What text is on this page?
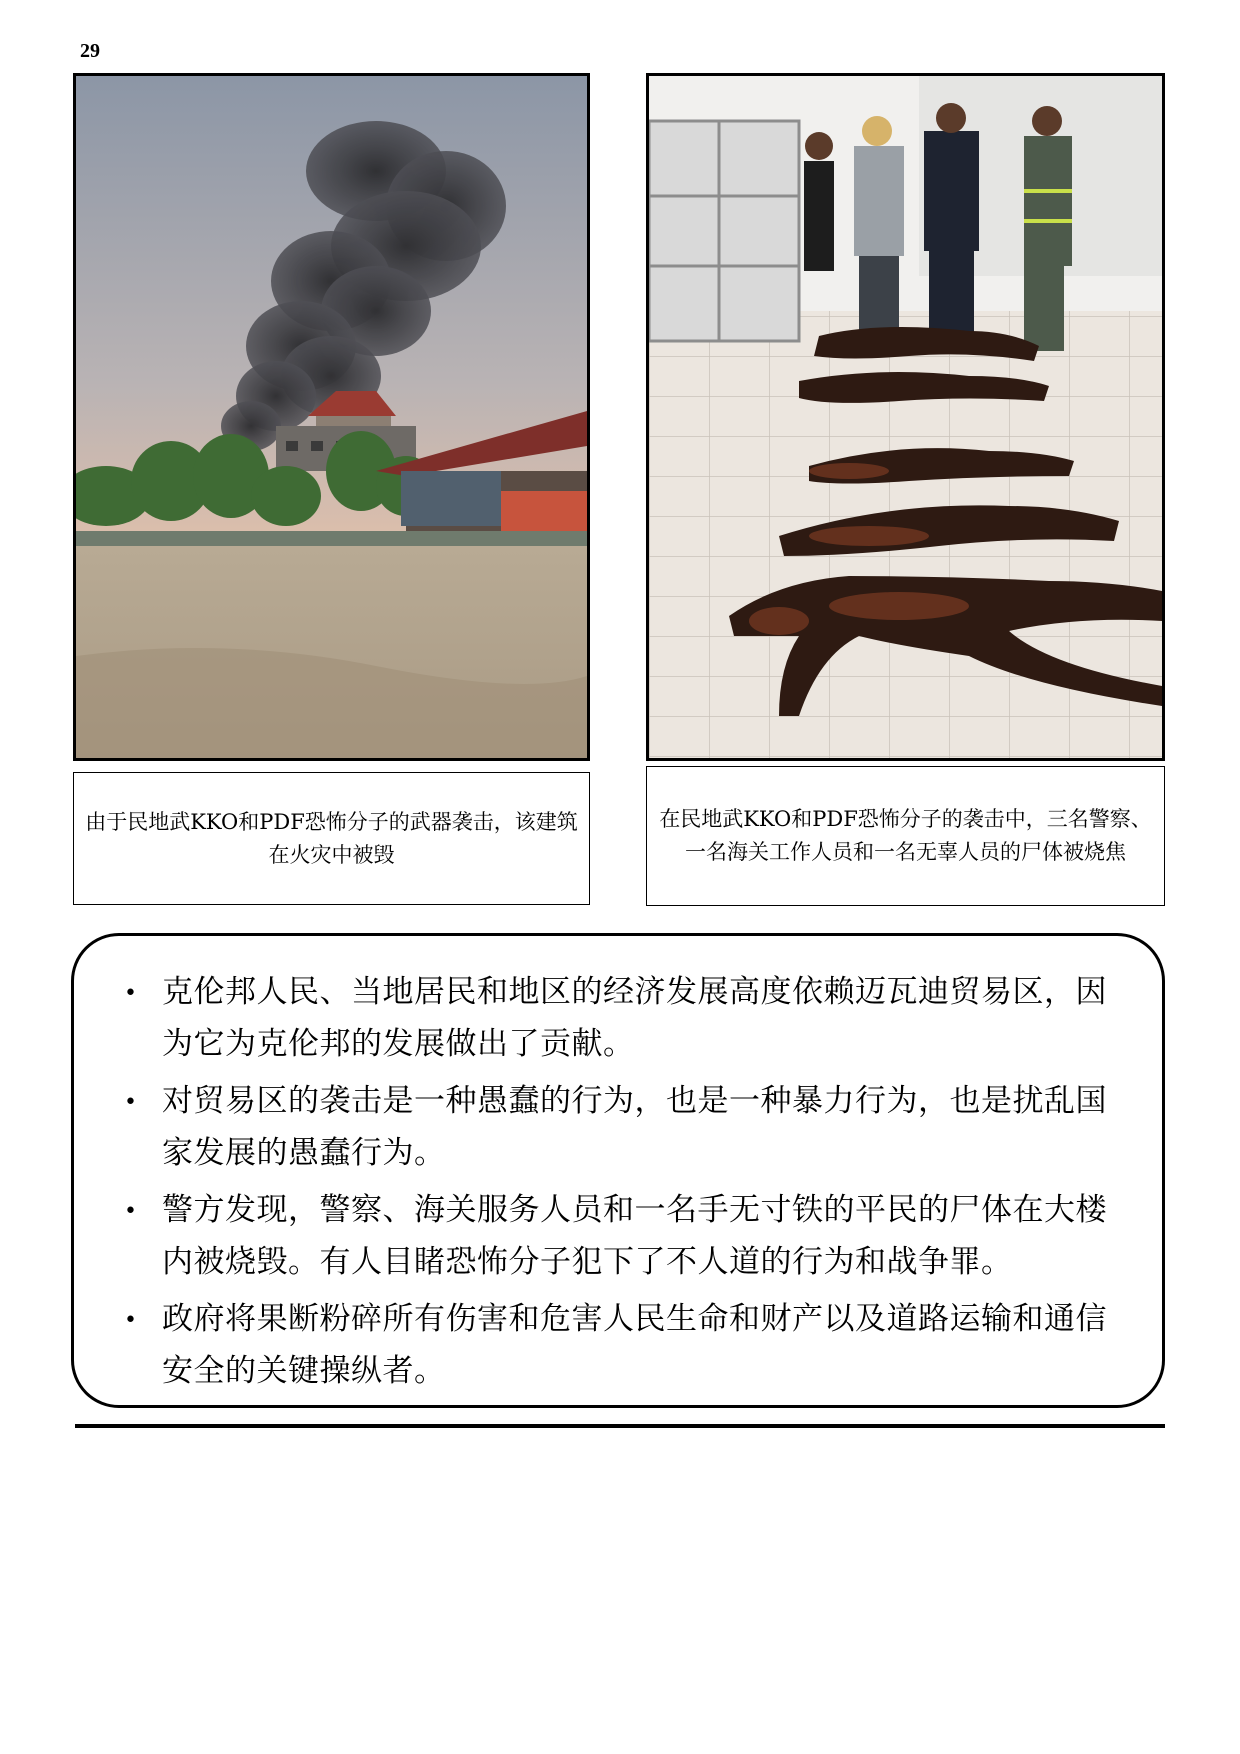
29
由于民地武KKO和PDF恐怖分子的武器袭击，该建筑在火灾中被毁
在民地武KKO和PDF恐怖分子的袭击中，三名警察、一名海关工作人员和一名无辜人员的尸体被烧焦
• 克伦邦人民、当地居民和地区的经济发展高度依赖迈瓦迪贸易区，因为它为克伦邦的发展做出了贡献。
• 对贸易区的袭击是一种愚蠢的行为，也是一种暴力行为，也是扰乱国家发展的愚蠢行为。
• 警方发现，警察、海关服务人员和一名手无寸铁的平民的尸体在大楼内被烧毁。有人目睹恐怖分子犯下了不人道的行为和战争罪。
• 政府将果断粉碎所有伤害和危害人民生命和财产以及道路运输和通信安全的关键操纵者。
